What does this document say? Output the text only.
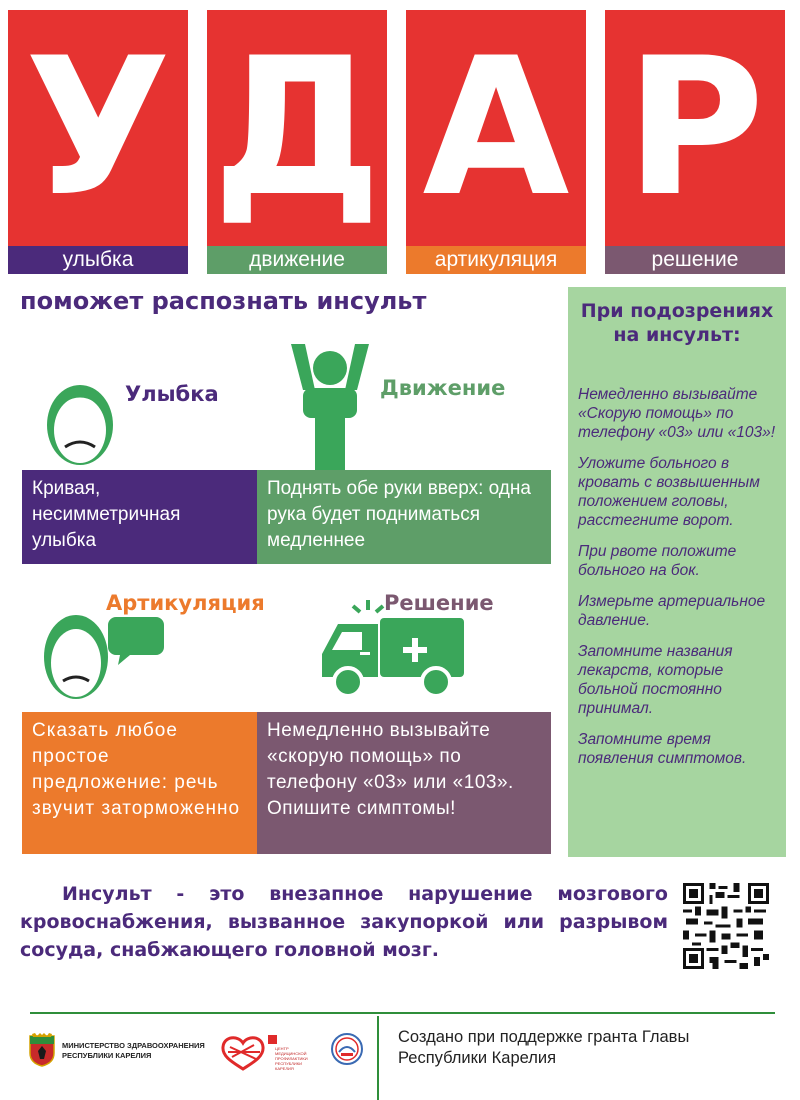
У
улыбка
Д
движение
А
артикуляция
Р
решение
поможет распознать инсульт
Улыбка	Движение
Кривая, несимметричная улыбка
Поднять обе руки вверх: одна рука будет подниматься медленнее
Артикуляция	Решение
Сказать любое простое предложение: речь звучит заторможенно
Немедленно вызывайте «скорую помощь» по телефону «03» или «103». Опишите симптомы!
При подозрениях на инсульт:
Немедленно вызывайте «Скорую помощь» по телефону «03» или «103»!
Уложите больного в кровать с возвышенным положением головы, расстегните ворот.
При рвоте положите больного на бок.
Измерьте артериальное давление.
Запомните названия лекарств, которые больной постоянно принимал.
Запомните время появления симптомов.
Инсульт - это внезапное нарушение мозгового кровоснабжения, вызванное закупоркой или разрывом сосуда, снабжающего головной мозг.
МИНИСТЕРСТВО ЗДРАВООХРАНЕНИЯ РЕСПУБЛИКИ КАРЕЛИЯ
ЦЕНТР МЕДИЦИНСКОЙ ПРОФИЛАКТИКИ РЕСПУБЛИКИ КАРЕЛИЯ
Создано при поддержке гранта Главы Республики Карелия
